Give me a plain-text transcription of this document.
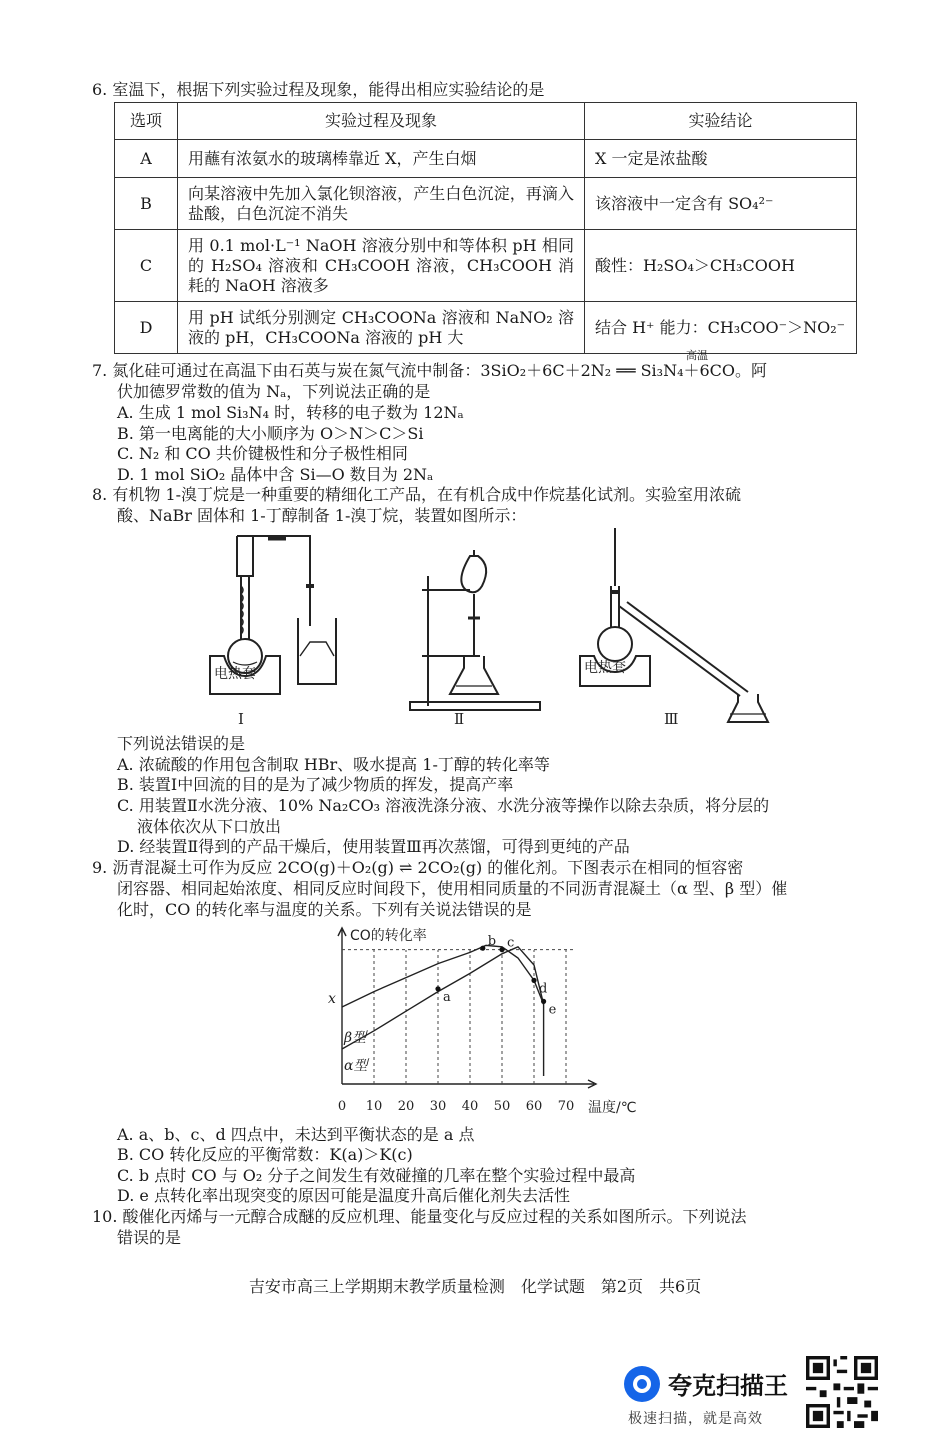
6. 室温下，根据下列实验过程及现象，能得出相应实验结论的是
选项	实验过程及现象	实验结论
A	用蘸有浓氨水的玻璃棒靠近 X，产生白烟	X 一定是浓盐酸
B	向某溶液中先加入氯化钡溶液，产生白色沉淀，再滴入盐酸，白色沉淀不消失	该溶液中一定含有 SO₄²⁻
C	用 0.1 mol·L⁻¹ NaOH 溶液分别中和等体积 pH 相同的 H₂SO₄ 溶液和 CH₃COOH 溶液，CH₃COOH 消耗的 NaOH 溶液多	酸性：H₂SO₄＞CH₃COOH
D	用 pH 试纸分别测定 CH₃COONa 溶液和 NaNO₂ 溶液的 pH，CH₃COONa 溶液的 pH 大	结合 H⁺ 能力：CH₃COO⁻＞NO₂⁻
7. 氮化硅可通过在高温下由石英与炭在氮气流中制备：3SiO₂＋6C＋2N₂ ══ Si₃N₄＋6CO。阿
高温
伏加德罗常数的值为 Nₐ，下列说法正确的是
A. 生成 1 mol Si₃N₄ 时，转移的电子数为 12Nₐ
B. 第一电离能的大小顺序为 O＞N＞C＞Si
C. N₂ 和 CO 共价键极性和分子极性相同
D. 1 mol SiO₂ 晶体中含 Si—O 数目为 2Nₐ
8. 有机物 1-溴丁烷是一种重要的精细化工产品，在有机合成中作烷基化试剂。实验室用浓硫
酸、NaBr 固体和 1-丁醇制备 1-溴丁烷，装置如图所示：
电热套	电热套
Ⅰ	Ⅱ	Ⅲ
下列说法错误的是
A. 浓硫酸的作用包含制取 HBr、吸水提高 1-丁醇的转化率等
B. 装置Ⅰ中回流的目的是为了减少物质的挥发，提高产率
C. 用装置Ⅱ水洗分液、10% Na₂CO₃ 溶液洗涤分液、水洗分液等操作以除去杂质，将分层的
液体依次从下口放出
D. 经装置Ⅱ得到的产品干燥后，使用装置Ⅲ再次蒸馏，可得到更纯的产品
9. 沥青混凝土可作为反应 2CO(g)＋O₂(g) ⇌ 2CO₂(g) 的催化剂。下图表示在相同的恒容密
闭容器、相同起始浓度、相同反应时间段下，使用相同质量的不同沥青混凝土（α 型、β 型）催
化时，CO 的转化率与温度的关系。下列有关说法错误的是
a
b c
d
e
0 10 20 30 40 50 60 70
CO的转化率
温度/℃
x
β型
α型
A. a、b、c、d 四点中，未达到平衡状态的是 a 点
B. CO 转化反应的平衡常数：K(a)＞K(c)
C. b 点时 CO 与 O₂ 分子之间发生有效碰撞的几率在整个实验过程中最高
D. e 点转化率出现突变的原因可能是温度升高后催化剂失去活性
10. 酸催化丙烯与一元醇合成醚的反应机理、能量变化与反应过程的关系如图所示。下列说法
错误的是
吉安市高三上学期期末教学质量检测　化学试题　第2页　共6页
夸克扫描王
极速扫描，就是高效
